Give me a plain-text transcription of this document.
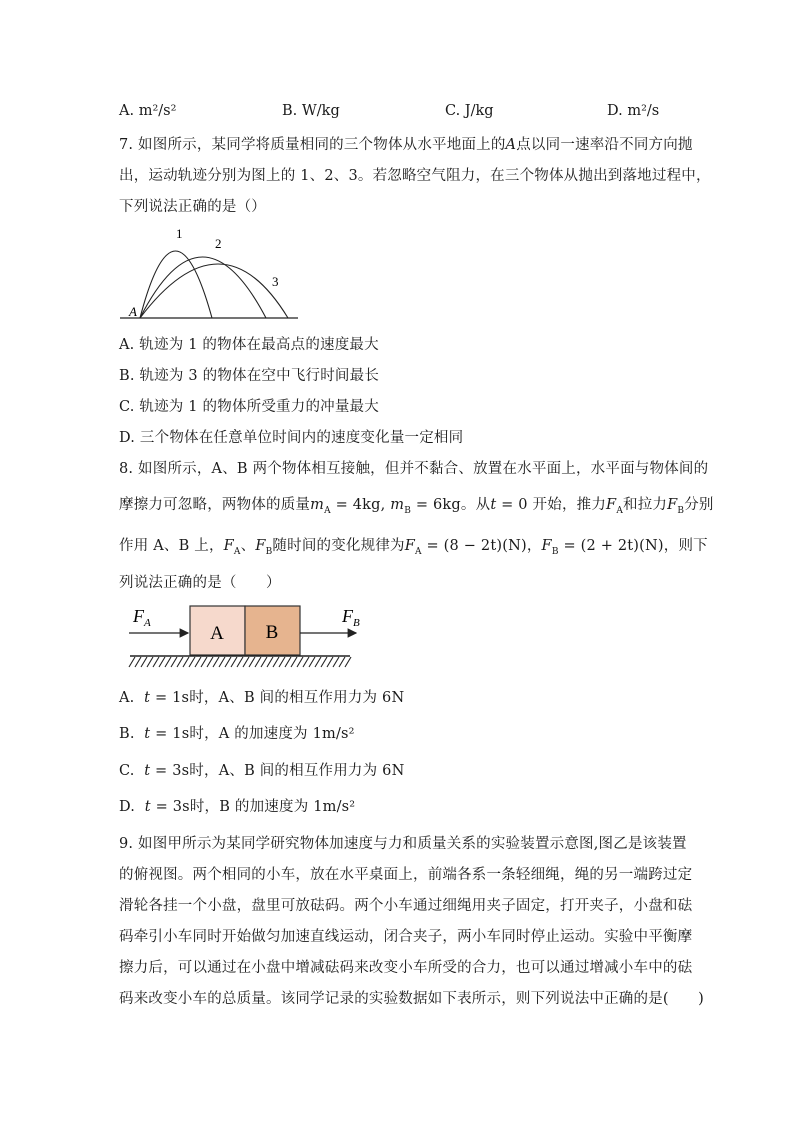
A. m²/s²	B. W/kg	C. J/kg	D. m²/s
7. 如图所示，某同学将质量相同的三个物体从水平地面上的A点以同一速率沿不同方向抛
出，运动轨迹分别为图上的 1、2、3。若忽略空气阻力，在三个物体从抛出到落地过程中，
下列说法正确的是（）
A
1
2
3
A. 轨迹为 1 的物体在最高点的速度最大
B. 轨迹为 3 的物体在空中飞行时间最长
C. 轨迹为 1 的物体所受重力的冲量最大
D. 三个物体在任意单位时间内的速度变化量一定相同
8. 如图所示，A、B 两个物体相互接触，但并不黏合、放置在水平面上，水平面与物体间的
摩擦力可忽略，两物体的质量$m_A = 4kg$, $m_B = 6kg$。从t = 0 开始，推力$F_A$和拉力$F_B$分别
作用 A、B 上，$F_A$、$F_B$随时间的变化规律为$F_A = (8 - 2t)(N)$，$F_B = (2 + 2t)(N)$，则下
列说法正确的是（　　）
A B
$F_A$	$F_B$
A. t = 1s时，A、B 间的相互作用力为 6N
B. t = 1s时，A 的加速度为 1m/s²
C. t = 3s时，A、B 间的相互作用力为 6N
D. t = 3s时，B 的加速度为 1m/s²
9. 如图甲所示为某同学研究物体加速度与力和质量关系的实验装置示意图,图乙是该装置
的俯视图。两个相同的小车，放在水平桌面上，前端各系一条轻细绳，绳的另一端跨过定
滑轮各挂一个小盘，盘里可放砝码。两个小车通过细绳用夹子固定，打开夹子，小盘和砝
码牵引小车同时开始做匀加速直线运动，闭合夹子，两小车同时停止运动。实验中平衡摩
擦力后，可以通过在小盘中增减砝码来改变小车所受的合力，也可以通过增减小车中的砝
码来改变小车的总质量。该同学记录的实验数据如下表所示，则下列说法中正确的是(　　)
